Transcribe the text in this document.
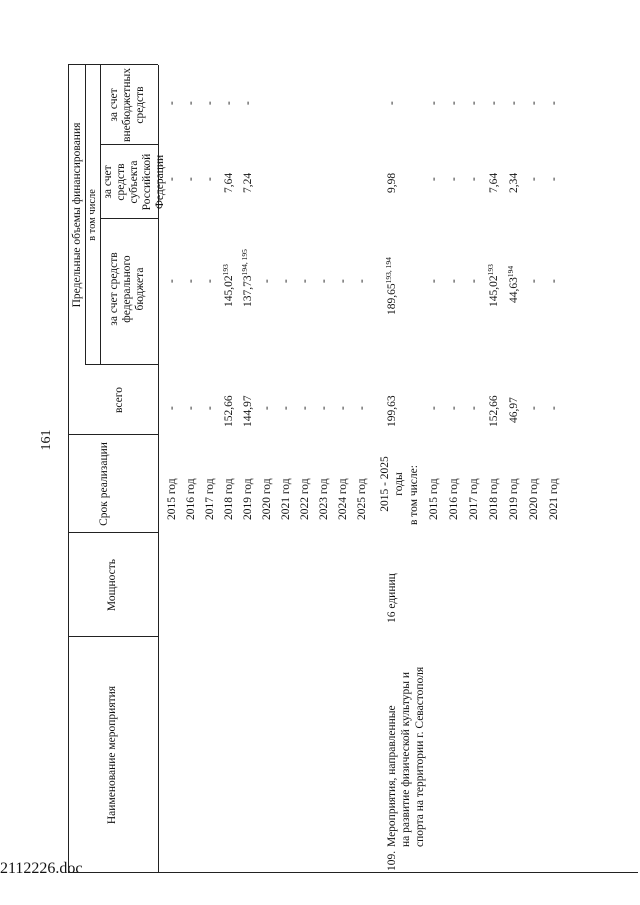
2112226.doc
161
Наименование мероприятия
Мощность
Срок реализации
Предельные объемы финансирования
всего
в том числе
за счет средств федерального бюджета
за счет средств субъекта Российской Федерации
за счет внебюджетных средств
2015 год 2016 год 2017 год 2018 год 2019 год 2020 год 2021 год 2022 год 2023 год 2024 год 2025 год
- - - 152,66 144,97 - - - - - -
- - - 145,02$^{193}$
137,73$^{194, 195}$
- - - - - -
- - - 7,64 7,24
- - - - -
109.
Мероприятия, направленные на развитие физической культуры и спорта на территории г. Севастополя
16 единиц
2015 - 2025 годы
199,63
189,65$^{193, 194}$
9,98
-
в том числе: 2015 год 2016 год 2017 год 2018 год 2019 год 2020 год 2021 год
- - - 152,66 46,97 - -
- - - 145,02$^{193}$
44,63$^{194}$
- -
- - - 7,64 2,34 - -
- - - - - - -
